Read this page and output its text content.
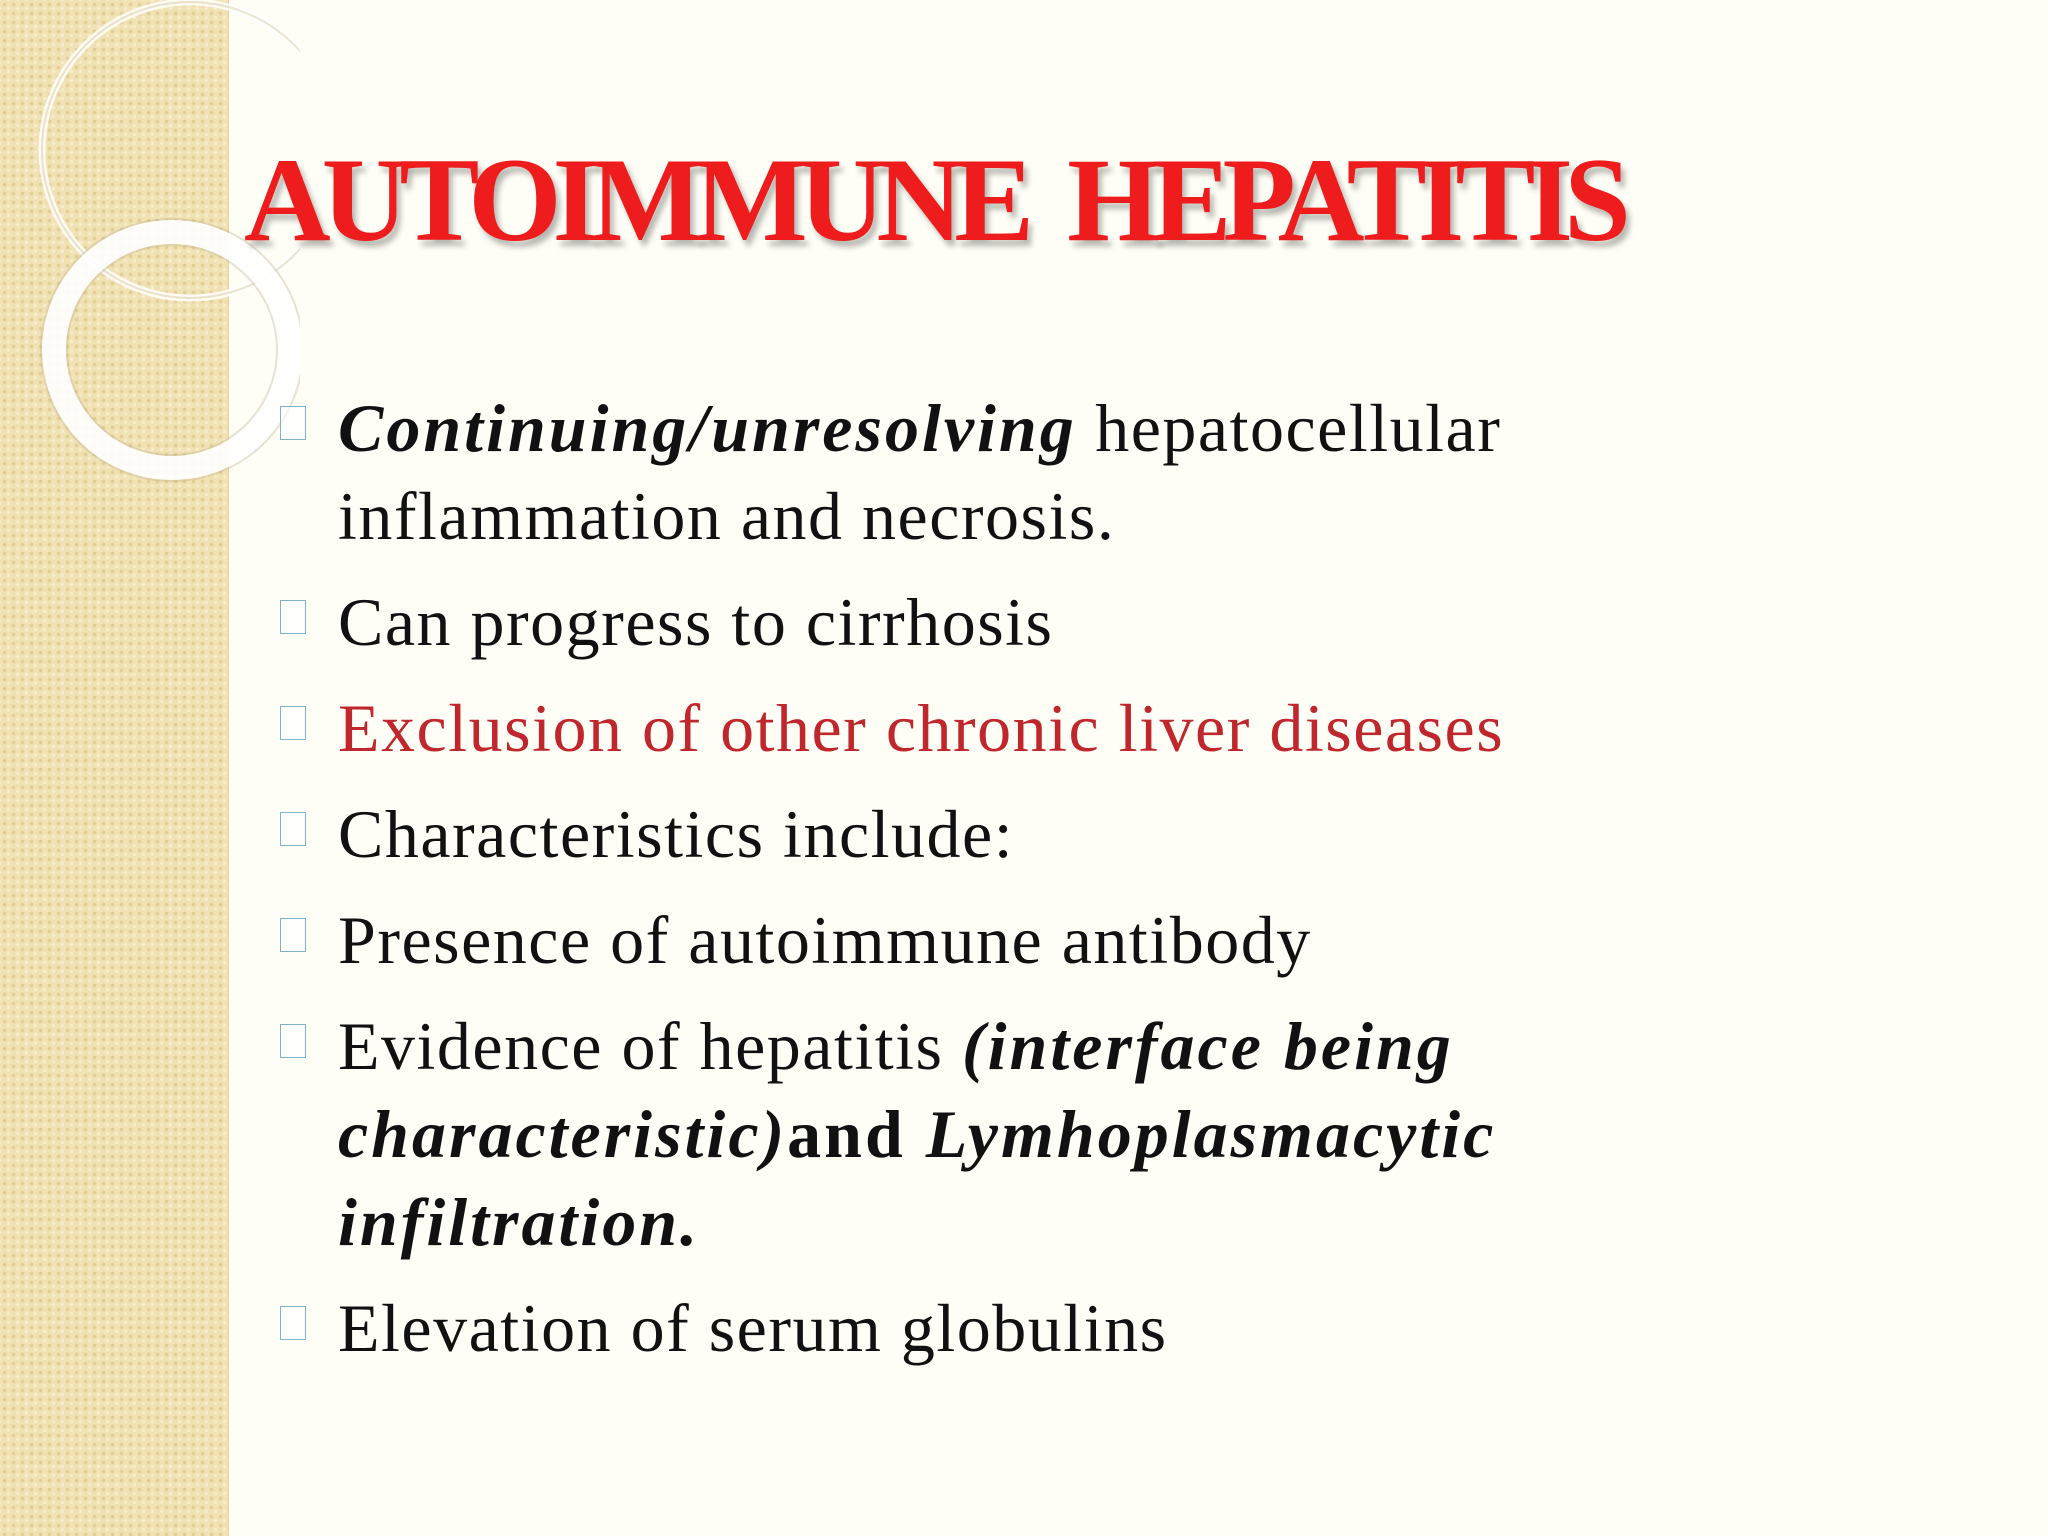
AUTOIMMUNE  HEPATITIS
Continuing/unresolving hepatocellular inflammation and necrosis.
Can progress to cirrhosis
Exclusion of other chronic liver diseases
Characteristics include:
Presence of autoimmune antibody
Evidence of hepatitis (interface being characteristic)and Lymhoplasmacytic infiltration.
Elevation of serum globulins
